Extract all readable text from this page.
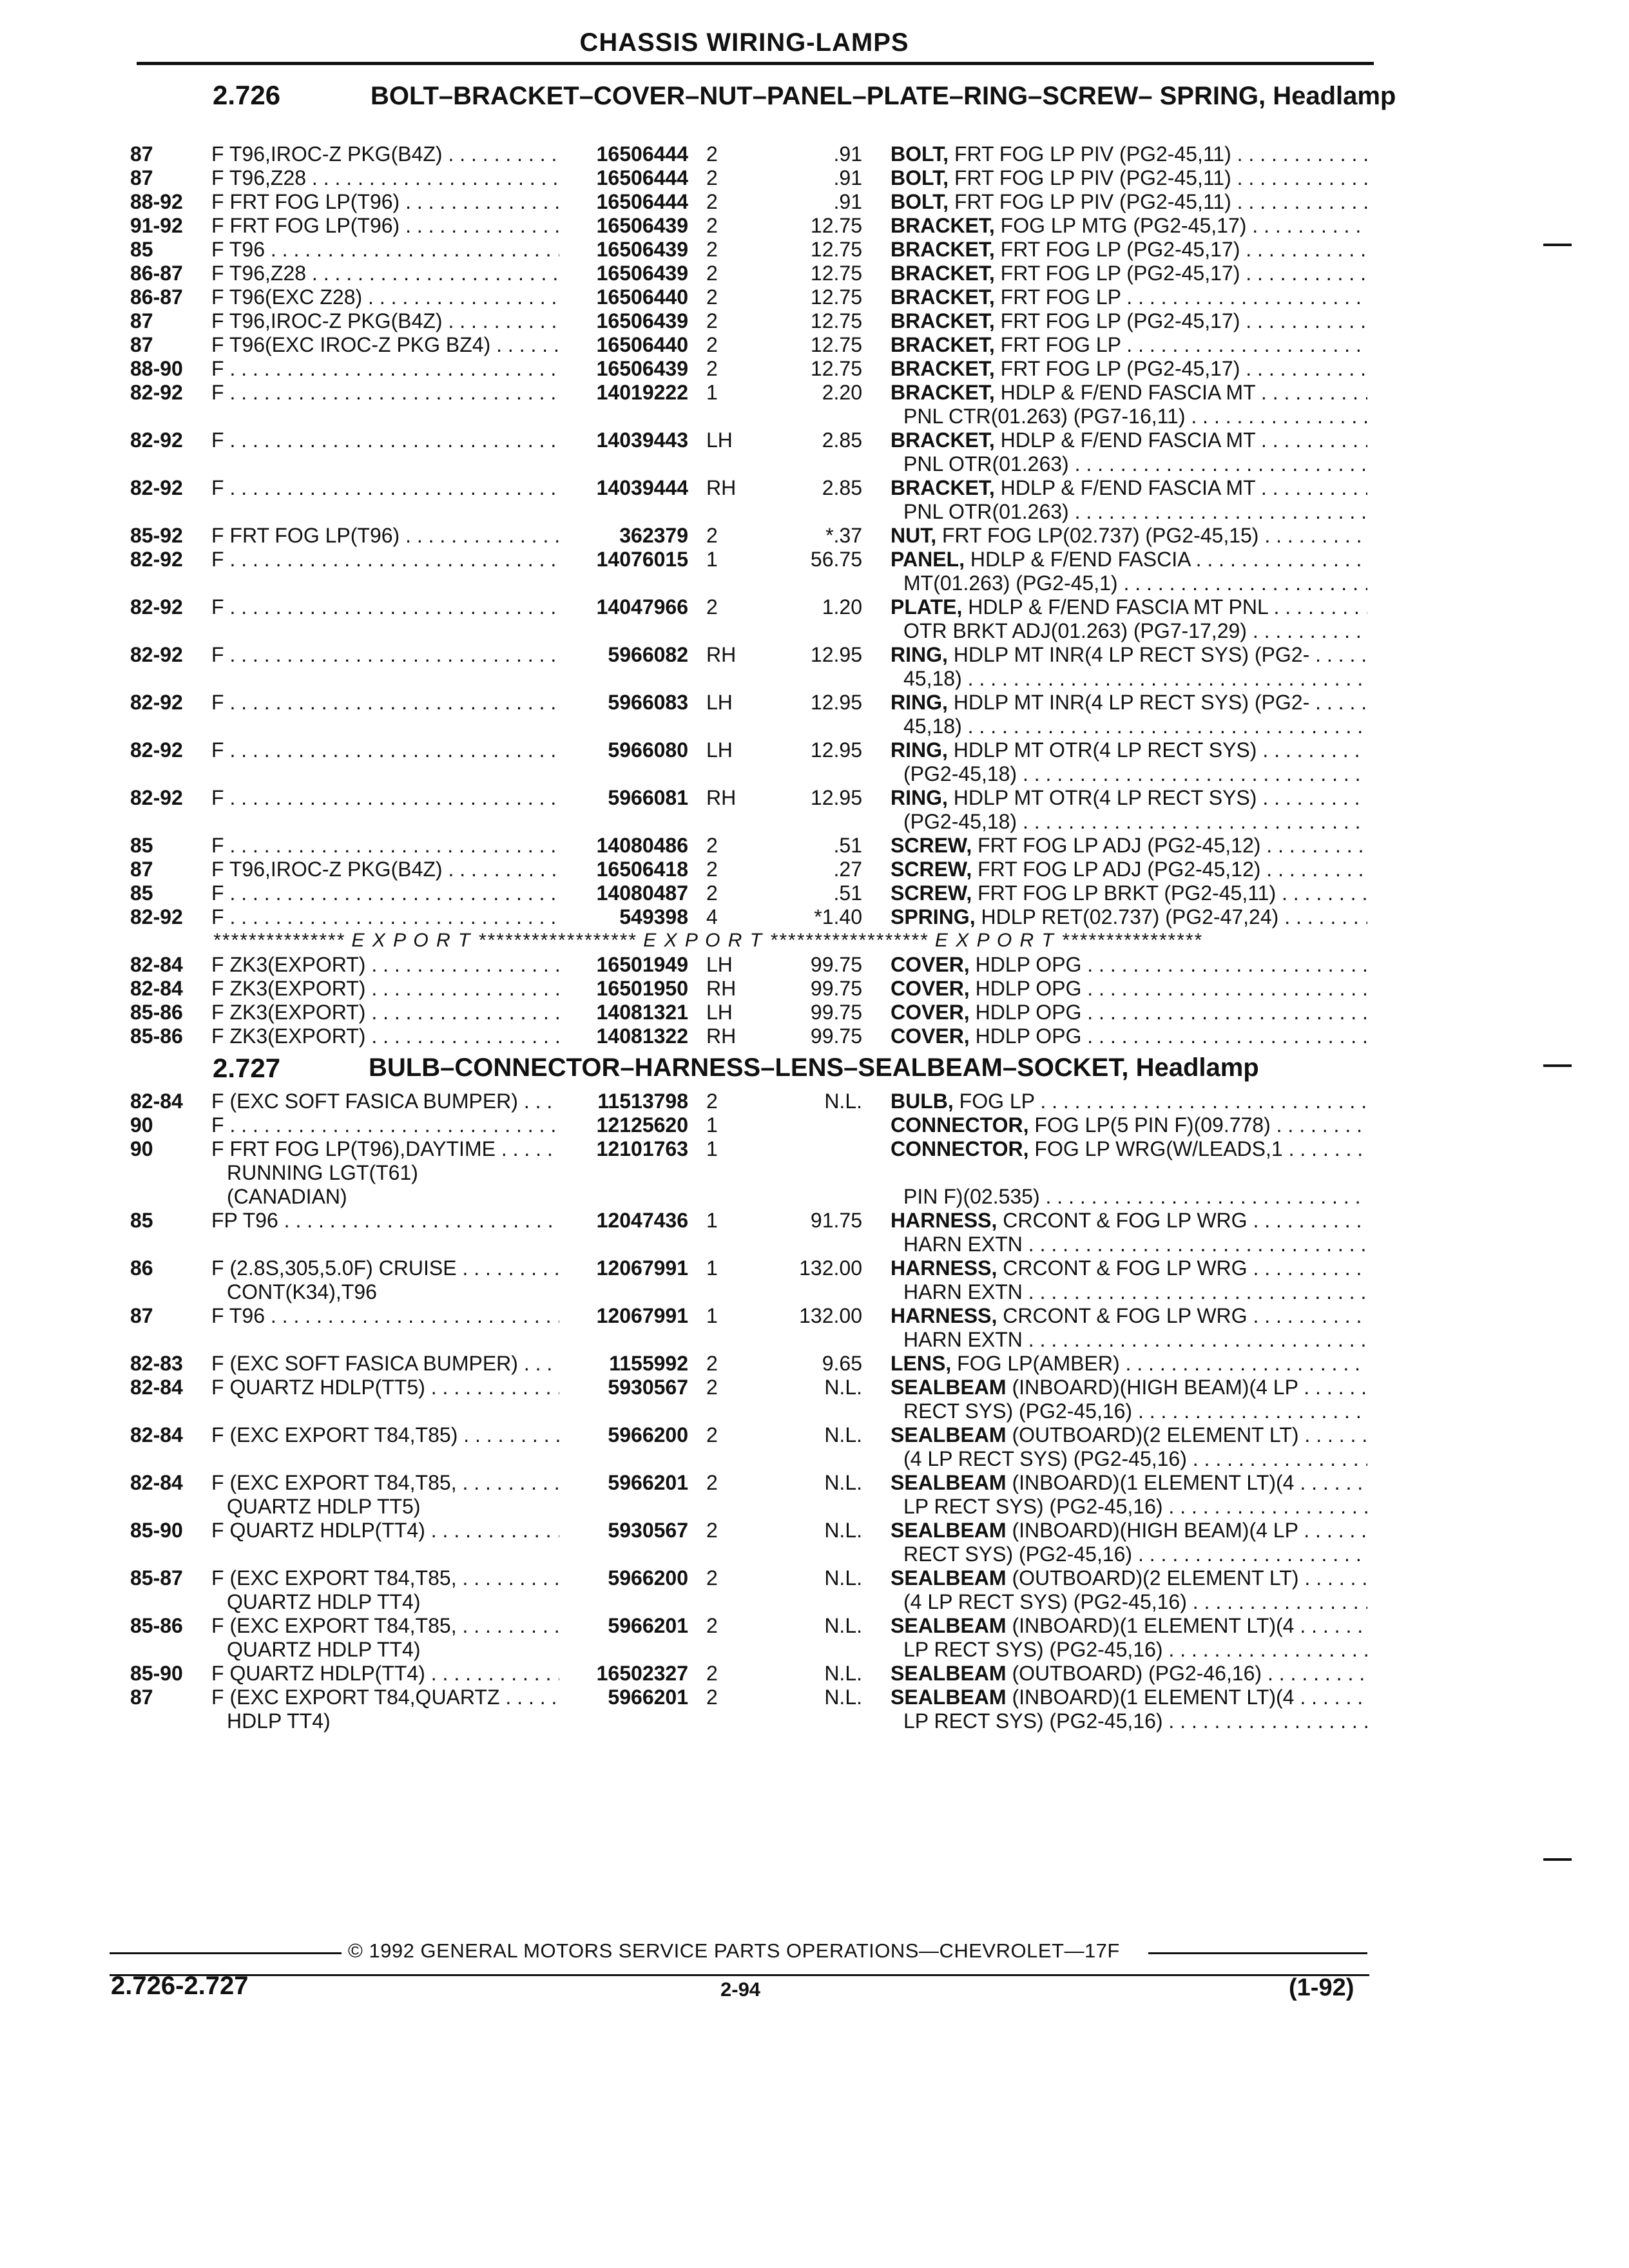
CHASSIS WIRING-LAMPS
2.726	BOLT–BRACKET–COVER–NUT–PANEL–PLATE–RING–SCREW– SPRING, Headlamp
87	F T96,IROC-Z PKG(B4Z) . . .	16506444 2	.91 BOLT, FRT FOG LP PIV (PG2-45,11) . . .
87	F T96,Z28 . . .	16506444 2	.91 BOLT, FRT FOG LP PIV (PG2-45,11) . . .
88-92 F FRT FOG LP(T96) . . .	16506444 2	.91 BOLT, FRT FOG LP PIV (PG2-45,11) . . .
91-92 F FRT FOG LP(T96) . . .	16506439 2	12.75 BRACKET, FOG LP MTG (PG2-45,17) . . .
85	F T96 . . .	16506439 2	12.75 BRACKET, FRT FOG LP (PG2-45,17) . . .
86-87 F T96,Z28 . . .	16506439 2	12.75 BRACKET, FRT FOG LP (PG2-45,17) . . .
86-87 F T96(EXC Z28) . . .	16506440 2	12.75 BRACKET, FRT FOG LP . . .
87	F T96,IROC-Z PKG(B4Z) . . .	16506439 2	12.75 BRACKET, FRT FOG LP (PG2-45,17) . . .
87	F T96(EXC IROC-Z PKG BZ4) . . .	16506440 2	12.75 BRACKET, FRT FOG LP . . .
88-90 F . . .	16506439 2	12.75 BRACKET, FRT FOG LP (PG2-45,17) . . .
82-92 F . . .	14019222 1	2.20 BRACKET, HDLP & F/END FASCIA MT . . .
PNL CTR(01.263) (PG7-16,11) . . .
82-92 F . . .	14039443 LH	2.85 BRACKET, HDLP & F/END FASCIA MT . . .
PNL OTR(01.263) . . .
82-92 F . . .	14039444 RH	2.85 BRACKET, HDLP & F/END FASCIA MT . . .
PNL OTR(01.263) . . .
85-92 F FRT FOG LP(T96) . . .	362379 2	*.37 NUT, FRT FOG LP(02.737) (PG2-45,15) . . .
82-92 F . . .	14076015 1	56.75 PANEL, HDLP & F/END FASCIA . . .
MT(01.263) (PG2-45,1) . . .
82-92 F . . .	14047966 2	1.20 PLATE, HDLP & F/END FASCIA MT PNL . . .
OTR BRKT ADJ(01.263) (PG7-17,29) . . .
82-92 F . . .	5966082 RH	12.95 RING, HDLP MT INR(4 LP RECT SYS) (PG2- . . .
45,18) . . .
82-92 F . . .	5966083 LH	12.95 RING, HDLP MT INR(4 LP RECT SYS) (PG2- . . .
45,18) . . .
82-92 F . . .	5966080 LH	12.95 RING, HDLP MT OTR(4 LP RECT SYS) . . .
(PG2-45,18) . . .
82-92 F . . .	5966081 RH	12.95 RING, HDLP MT OTR(4 LP RECT SYS) . . .
(PG2-45,18) . . .
85	F . . .	14080486 2	.51 SCREW, FRT FOG LP ADJ (PG2-45,12) . . .
87	F T96,IROC-Z PKG(B4Z) . . .	16506418 2	.27 SCREW, FRT FOG LP ADJ (PG2-45,12) . . .
85	F . . .	14080487 2	.51 SCREW, FRT FOG LP BRKT (PG2-45,11) . . .
82-92 F . . .	549398 4	*1.40 SPRING, HDLP RET(02.737) (PG2-47,24) . . .
*************** E X P O R T ****************** E X P O R T ****************** E X P O R T ****************
82-84 F ZK3(EXPORT) . . .	16501949 LH	99.75 COVER, HDLP OPG . . .
82-84 F ZK3(EXPORT) . . .	16501950 RH	99.75 COVER, HDLP OPG . . .
85-86 F ZK3(EXPORT) . . .	14081321 LH	99.75 COVER, HDLP OPG . . .
85-86 F ZK3(EXPORT) . . .	14081322 RH	99.75 COVER, HDLP OPG . . .
2.727	BULB–CONNECTOR–HARNESS–LENS–SEALBEAM–SOCKET, Headlamp
82-84 F (EXC SOFT FASICA BUMPER) . . .	11513798 2	N.L. BULB, FOG LP . . .
90	F . . .	12125620 1	CONNECTOR, FOG LP(5 PIN F)(09.778) . . .
90	F FRT FOG LP(T96),DAYTIME . . .	12101763 1	CONNECTOR, FOG LP WRG(W/LEADS,1 . . .
RUNNING LGT(T61)
(CANADIAN)	PIN F)(02.535) . . .
85	FP T96 . . .	12047436 1	91.75 HARNESS, CRCONT & FOG LP WRG . . .
HARN EXTN . . .
86	F (2.8S,305,5.0F) CRUISE . . .	12067991 1	132.00 HARNESS, CRCONT & FOG LP WRG . . .
CONT(K34),T96	HARN EXTN . . .
87	F T96 . . .	12067991 1	132.00 HARNESS, CRCONT & FOG LP WRG . . .
HARN EXTN . . .
82-83 F (EXC SOFT FASICA BUMPER) . . .	1155992 2	9.65 LENS, FOG LP(AMBER) . . .
82-84 F QUARTZ HDLP(TT5) . . .	5930567 2	N.L. SEALBEAM (INBOARD)(HIGH BEAM)(4 LP . . .
RECT SYS) (PG2-45,16) . . .
82-84 F (EXC EXPORT T84,T85) . . .	5966200 2	N.L. SEALBEAM (OUTBOARD)(2 ELEMENT LT) . . .
(4 LP RECT SYS) (PG2-45,16) . . .
82-84 F (EXC EXPORT T84,T85, . . .	5966201 2	N.L. SEALBEAM (INBOARD)(1 ELEMENT LT)(4 . . .
QUARTZ HDLP TT5)	LP RECT SYS) (PG2-45,16) . . .
85-90 F QUARTZ HDLP(TT4) . . .	5930567 2	N.L. SEALBEAM (INBOARD)(HIGH BEAM)(4 LP . . .
RECT SYS) (PG2-45,16) . . .
85-87 F (EXC EXPORT T84,T85, . . .	5966200 2	N.L. SEALBEAM (OUTBOARD)(2 ELEMENT LT) . . .
QUARTZ HDLP TT4)	(4 LP RECT SYS) (PG2-45,16) . . .
85-86 F (EXC EXPORT T84,T85, . . .	5966201 2	N.L. SEALBEAM (INBOARD)(1 ELEMENT LT)(4 . . .
QUARTZ HDLP TT4)	LP RECT SYS) (PG2-45,16) . . .
85-90 F QUARTZ HDLP(TT4) . . .	16502327 2	N.L. SEALBEAM (OUTBOARD) (PG2-46,16) . . .
87	F (EXC EXPORT T84,QUARTZ . . .	5966201 2	N.L. SEALBEAM (INBOARD)(1 ELEMENT LT)(4 . . .
HDLP TT4)	LP RECT SYS) (PG2-45,16) . . .
© 1992 GENERAL MOTORS SERVICE PARTS OPERATIONS—CHEVROLET—17F
2.726-2.727	2-94	(1-92)
